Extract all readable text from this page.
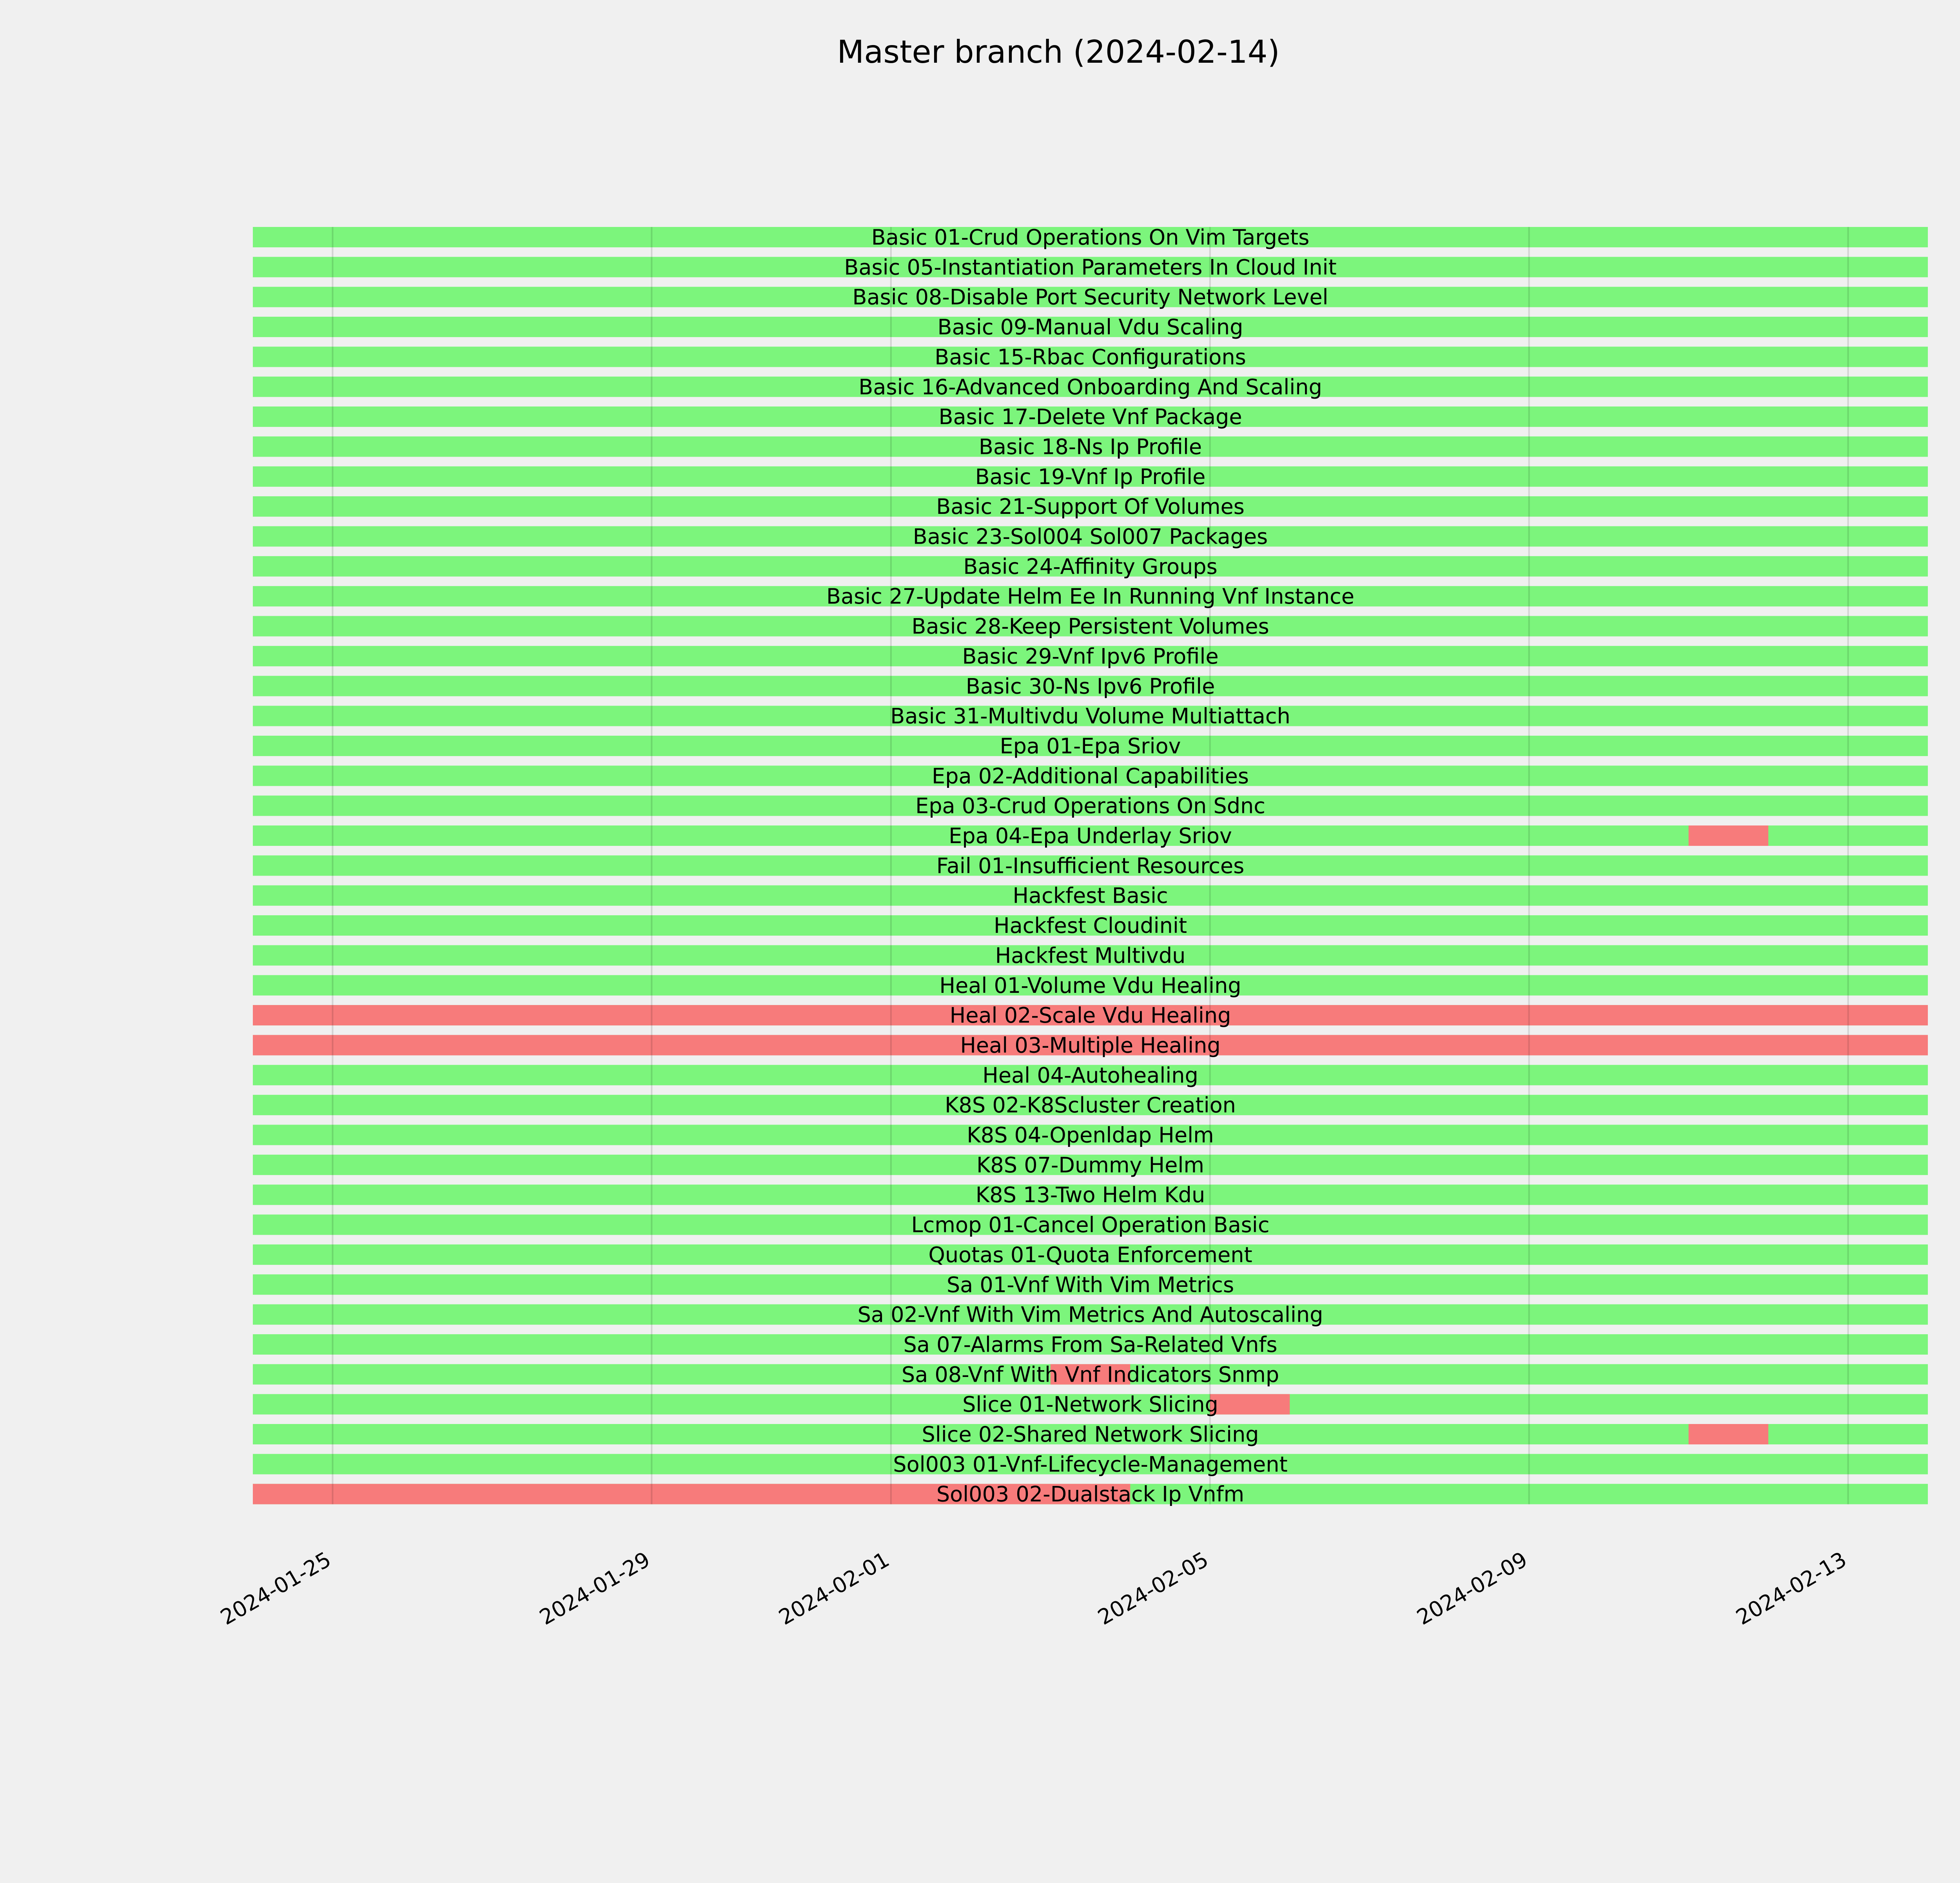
Master branch (2024-02-14)
Basic 01-Crud Operations On Vim Targets
Basic 05-Instantiation Parameters In Cloud Init
Basic 08-Disable Port Security Network Level
Basic 09-Manual Vdu Scaling
Basic 15-Rbac Configurations
Basic 16-Advanced Onboarding And Scaling
Basic 17-Delete Vnf Package
Basic 18-Ns Ip Profile
Basic 19-Vnf Ip Profile
Basic 21-Support Of Volumes
Basic 23-Sol004 Sol007 Packages
Basic 24-Affinity Groups
Basic 27-Update Helm Ee In Running Vnf Instance
Basic 28-Keep Persistent Volumes
Basic 29-Vnf Ipv6 Profile
Basic 30-Ns Ipv6 Profile
Basic 31-Multivdu Volume Multiattach
Epa 01-Epa Sriov
Epa 02-Additional Capabilities
Epa 03-Crud Operations On Sdnc
Epa 04-Epa Underlay Sriov
Fail 01-Insufficient Resources
Hackfest Basic
Hackfest Cloudinit
Hackfest Multivdu
Heal 01-Volume Vdu Healing
Heal 02-Scale Vdu Healing
Heal 03-Multiple Healing
Heal 04-Autohealing
K8S 02-K8Scluster Creation
K8S 04-Openldap Helm
K8S 07-Dummy Helm
K8S 13-Two Helm Kdu
Lcmop 01-Cancel Operation Basic
Quotas 01-Quota Enforcement
Sa 01-Vnf With Vim Metrics
Sa 02-Vnf With Vim Metrics And Autoscaling
Sa 07-Alarms From Sa-Related Vnfs
Sa 08-Vnf With Vnf Indicators Snmp
Slice 01-Network Slicing
Slice 02-Shared Network Slicing
Sol003 01-Vnf-Lifecycle-Management
Sol003 02-Dualstack Ip Vnfm
2024-01-25	2024-01-29	2024-02-01	2024-02-05	2024-02-09	2024-02-13
